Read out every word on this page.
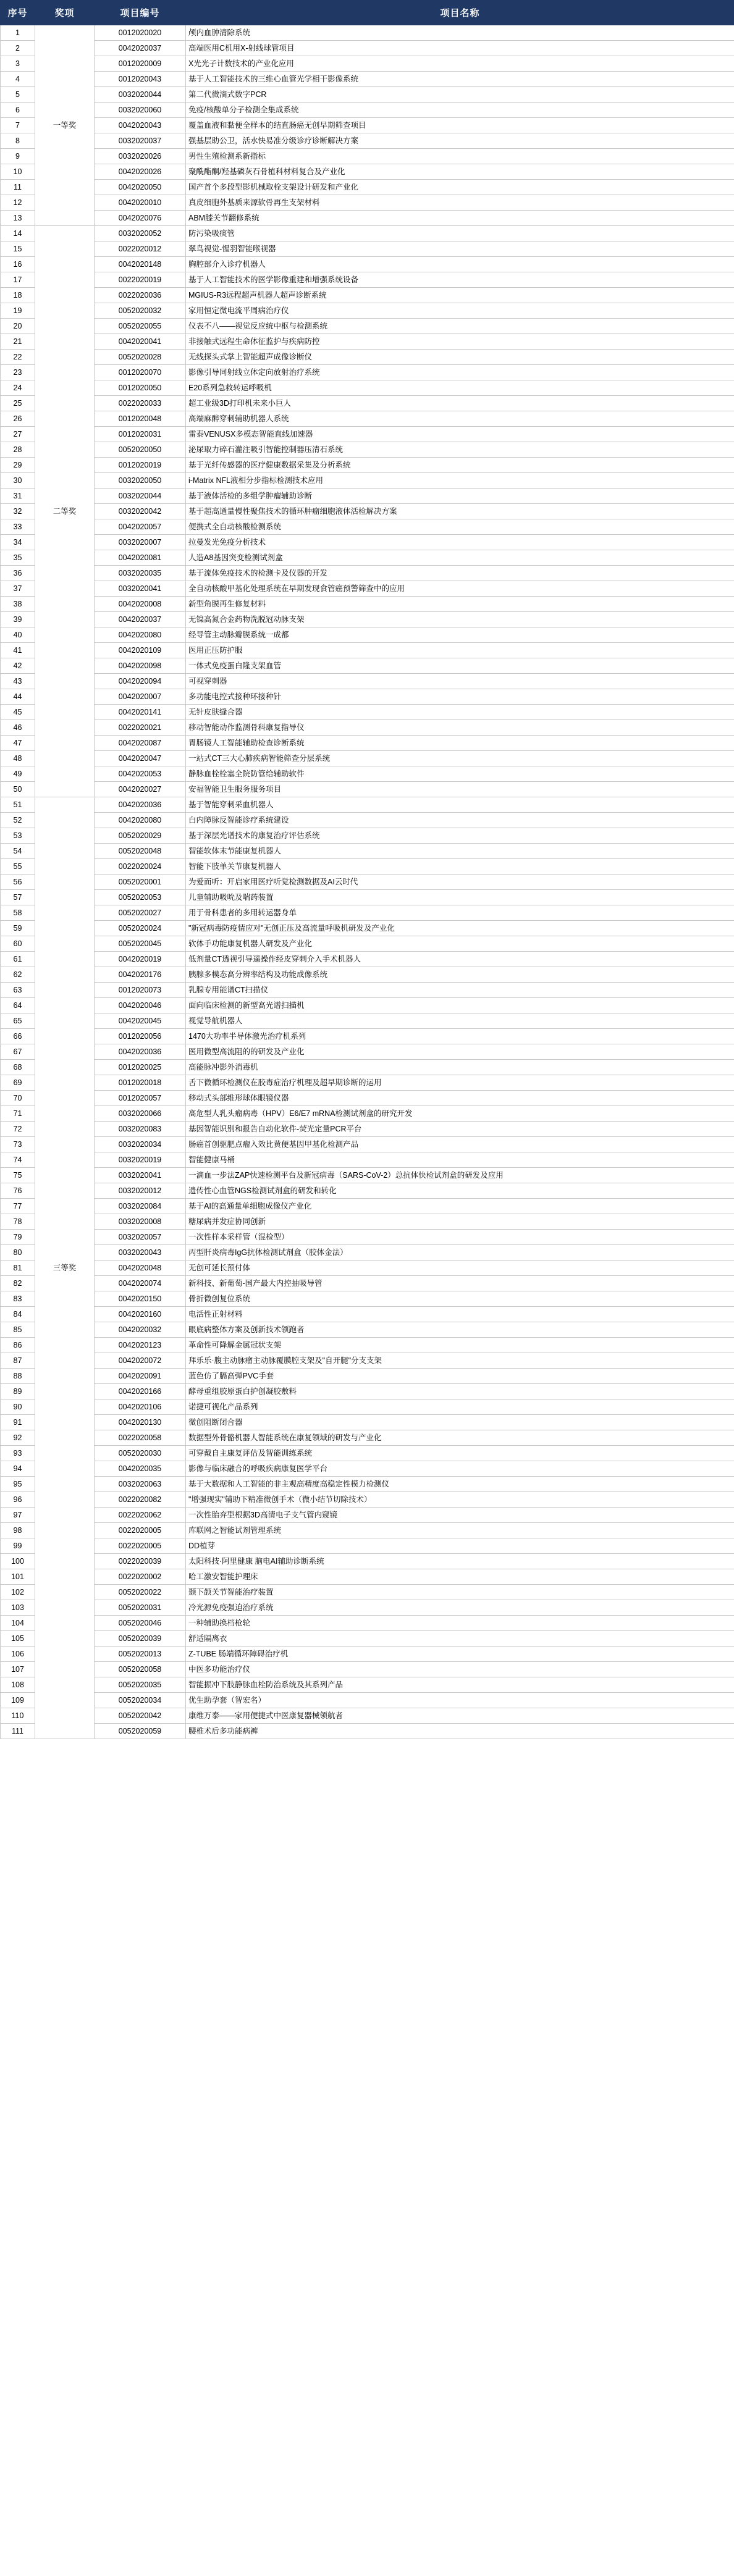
序号	奖项	项目编号	项目名称
1	一等奖	0012020020	颅内血肿清除系统
2		0042020037	高端医用C机用X-射线球管项目
3		0012020009	X光光子计数技术的产业化应用
4		0012020043	基于人工智能技术的三维心血管光学相干影像系统
5		0032020044	第二代微滴式数字PCR
6		0032020060	免疫/核酸单分子检测全集成系统
7		0042020043	覆盖血液和黏便全样本的结直肠癌无创早期筛查项目
8		0032020037	强基层助公卫，活水快易准分级诊疗诊断解决方案
9		0032020026	男性生殖检测系新指标
10		0042020026	聚酰酯酮/羟基磷灰石骨植科材料复合及产业化
11		0042020050	国产首个多段型影机械取栓支架设计研发和产业化
12		0042020010	真皮细胞外基质来源软骨再生支架材料
13		0042020076	ABM膝关节翻修系统
14	二等奖	0032020052	防污染吸痰管
15		0022020012	翠鸟视觉-惺羽智能喉视器
16		0042020148	胸腔部介入诊疗机器人
17		0022020019	基于人工智能技术的医学影像重建和增强系统设备
18		0022020036	MGIUS-R3远程超声机器人超声诊断系统
19		0052020032	家用恒定微电流平周病治疗仪
20		0052020055	仪表不八——视觉反应统中枢与检测系统
21		0042020041	非接触式远程生命体征监护与疾病防控
22		0052020028	无线探头式掌上智能超声成像诊断仪
23		0012020070	影像引导同射线立体定向放射治疗系统
24		0012020050	E20系列急救转运呼吸机
25		0022020033	超工业级3D打印机未来小巨人
26		0012020048	高端麻醉穿刺辅助机器人系统
27		0012020031	雷泰VENUSX多模态智能直线加速器
28		0052020050	泌尿取力碎石灌注吸引智能控制器压清石系统
29		0012020019	基于光纤传感器的医疗健康数据采集及分析系统
30		0032020050	i-Matrix NFL液相分步指标检测技术应用
31		0032020044	基于液体活检的多组学肿瘤辅助诊断
32		0032020042	基于超高通量慢性聚焦技术的循环肿瘤细胞液体活检解决方案
33		0042020057	便携式全自动核酸检测系统
34		0032020007	拉曼发光免疫分析技术
35		0042020081	人造A8基因突变检测试剂盒
36		0032020035	基于流体免疫技术的检测卡及仪器的开发
37		0032020041	全自动核酸甲基化处理系统在早期发现食管癌预警筛查中的应用
38		0042020008	新型角膜再生修复材料
39		0042020037	无镍高氮合金药物洗脱冠动脉支架
40		0042020080	经导管主动脉瓣膜系统一成都
41		0042020109	医用正压防护服
42		0042020098	一体式免疫蛋白隆支架血管
43		0042020094	可视穿刺器
44		0042020007	多功能电控式接种环接种针
45		0042020141	无针皮肤缝合器
46		0022020021	移动智能动作监测骨科康复指导仪
47		0042020087	胃肠镜人工智能辅助检查诊断系统
48		0042020047	一站式CT三大心肺疾病智能筛查分层系统
49		0042020053	静脉血栓栓塞全院防管给辅助软件
50		0042020027	安福智能卫生服务服务项目
51	三等奖	0042020036	基于智能穿刺采血机器人
52		0042020080	白内障脉反智能诊疗系统建设
53		0052020029	基于深层光谱技术的康复治疗评估系统
54		0052020048	智能软体末节能康复机器人
55		0022020024	智能下肢单关节康复机器人
56		0052020001	为爱而听：开启家用医疗听觉检测数据及AI云时代
57		0052020053	儿童辅助吸吮及喘药装置
58		0052020027	用于骨科患者的多用转运器身单
59		0052020024	"新冠病毒防疫情应对"无创正压及高流量呼吸机研发及产业化
60		0052020045	软体手功能康复机器人研发及产业化
61		0042020019	低剂量CT透视引导遥操作经皮穿刺介入手术机器人
62		0042020176	胰腺多模态高分辨率结构及功能成像系统
63		0012020073	乳腺专用能谱CT扫描仪
64		0042020046	面向临床检测的新型高光谱扫描机
65		0042020045	视觉导航机器人
66		0012020056	1470大功率半导体激光治疗机系列
67		0042020036	医用微型高流阻的的研发及产业化
68		0012020025	高能脉冲影外消毒机
69		0012020018	舌下微循环检测仪在胶毒症治疗机理及超早期诊断的运用
70		0012020057	移动式头部维形球体眼镜仪器
71		0032020066	高危型人乳头瘤病毒（HPV）E6/E7 mRNA检测试剂盒的研究开发
72		0032020083	基因智能识别和报告自动化软件-荧光定量PCR平台
73		0032020034	肠癌首创驱肥点瘤入效比黄便基因甲基化检测产品
74		0032020019	智能健康马桶
75		0032020041	一滴血一步法ZAP快速检测平台及新冠病毒（SARS-CoV-2）总抗体快检试剂盒的研发及应用
76		0032020012	遗传性心血管NGS检测试剂盒的研发和转化
77		0032020084	基于AI的高通量单细胞成像仪产业化
78		0032020008	糖尿病并发症协同创新
79		0032020057	一次性样本采样管（混检型）
80		0032020043	丙型肝炎病毒IgG抗体检测试剂盒（胶体金法）
81		0042020048	无创可延长预付体
82		0042020074	新科技、新葡萄-国产最大内控抽吸导管
83		0042020150	骨折微创复位系统
84		0042020160	电活性正射材料
85		0042020032	眼底病整体方案及创新技术领跑者
86		0042020123	革命性可降解金属冠状支架
87		0042020072	拜乐乐·腹主动脉瘤主动脉覆膜腔支架及"自开腿"分支支架
88		0042020091	蓝色仿了膈高弹PVC手套
89		0042020166	酵母重组胶原蛋白护创凝胶敷料
90		0042020106	诺捷可视化产品系列
91		0042020130	微创阻断闭合器
92		0022020058	数据型外骨骼机器人智能系统在康复领域的研发与产业化
93		0052020030	可穿戴自主康复评估及智能训练系统
94		0042020035	影像与临床融合的呼吸疾病康复医学平台
95		0032020063	基于大数据和人工智能的非主观高精度高稳定性模力检测仪
96		0022020082	"增强现实"辅助下精准微创手术（微小结节切除技术）
97		0022020062	一次性胎弃型根据3D高清电子支气管内窥镜
98		0022020005	库联网之智能试剂管理系统
99		0022020005	DD植芽
100		0022020039	太阳科技·阿里健康 脑电AI辅助诊断系统
101		0022020002	哈工激安智能护理床
102		0052020022	颞下颌关节智能治疗装置
103		0052020031	冷光源免疫强迫治疗系统
104		0052020046	一种辅助换档枪轮
105		0052020039	舒适隔离衣
106		0052020013	Z-TUBE 肠端循环障碍治疗机
107		0052020058	中医多功能治疗仪
108		0052020035	智能振冲下肢静脉血栓防治系统及其系列产品
109		0052020034	优生助孕套（智宏名）
110		0052020042	康维万泰——家用便捷式中医康复器械领航者
111		0052020059	腰椎术后多功能病裤
